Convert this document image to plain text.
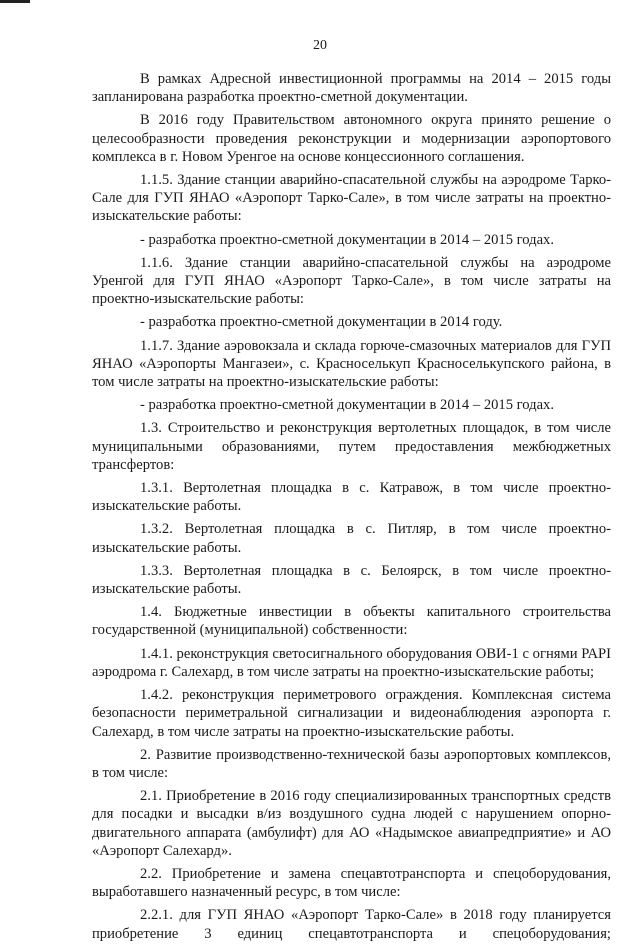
20

В рамках Адресной инвестиционной программы на 2014 – 2015 годы запланирована разработка проектно-сметной документации.

В 2016 году Правительством автономного округа принято решение о целесообразности проведения реконструкции и модернизации аэропортового комплекса в г. Новом Уренгое на основе концессионного соглашения.

1.1.5. Здание станции аварийно-спасательной службы на аэродроме Тарко-Сале для ГУП ЯНАО «Аэропорт Тарко-Сале», в том числе затраты на проектно-изыскательские работы:

- разработка проектно-сметной документации в 2014 – 2015 годах.

1.1.6. Здание станции аварийно-спасательной службы на аэродроме Уренгой для ГУП ЯНАО «Аэропорт Тарко-Сале», в том числе затраты на проектно-изыскательские работы:

- разработка проектно-сметной документации в 2014 году.

1.1.7. Здание аэровокзала и склада горюче-смазочных материалов для ГУП ЯНАО «Аэропорты Мангазеи», с. Красноселькуп Красноселькупского района, в том числе затраты на проектно-изыскательские работы:

- разработка проектно-сметной документации в 2014 – 2015 годах.

1.3. Строительство и реконструкция вертолетных площадок, в том числе муниципальными образованиями, путем предоставления межбюджетных трансфертов:

1.3.1. Вертолетная площадка в с. Катравож, в том числе проектно-изыскательские работы.

1.3.2. Вертолетная площадка в с. Питляр, в том числе проектно-изыскательские работы.

1.3.3. Вертолетная площадка в с. Белоярск, в том числе проектно-изыскательские работы.

1.4. Бюджетные инвестиции в объекты капитального строительства государственной (муниципальной) собственности:

1.4.1. реконструкция светосигнального оборудования ОВИ-1 с огнями РАРI аэродрома г. Салехард, в том числе затраты на проектно-изыскательские работы;

1.4.2. реконструкция периметрового ограждения. Комплексная система безопасности периметральной сигнализации и видеонаблюдения аэропорта г. Салехард, в том числе затраты на проектно-изыскательские работы.

2. Развитие производственно-технической базы аэропортовых комплексов, в том числе:

2.1. Приобретение в 2016 году специализированных транспортных средств для посадки и высадки в/из воздушного судна людей с нарушением опорно-двигательного аппарата (амбулифт) для АО «Надымское авиапредприятие» и АО «Аэропорт Салехард».

2.2. Приобретение и замена спецавтотранспорта и спецоборудования, выработавшего назначенный ресурс, в том числе:

2.2.1. для ГУП ЯНАО «Аэропорт Тарко-Сале» в 2018 году планируется приобретение 3 единиц спецавтотранспорта и спецоборудования;
